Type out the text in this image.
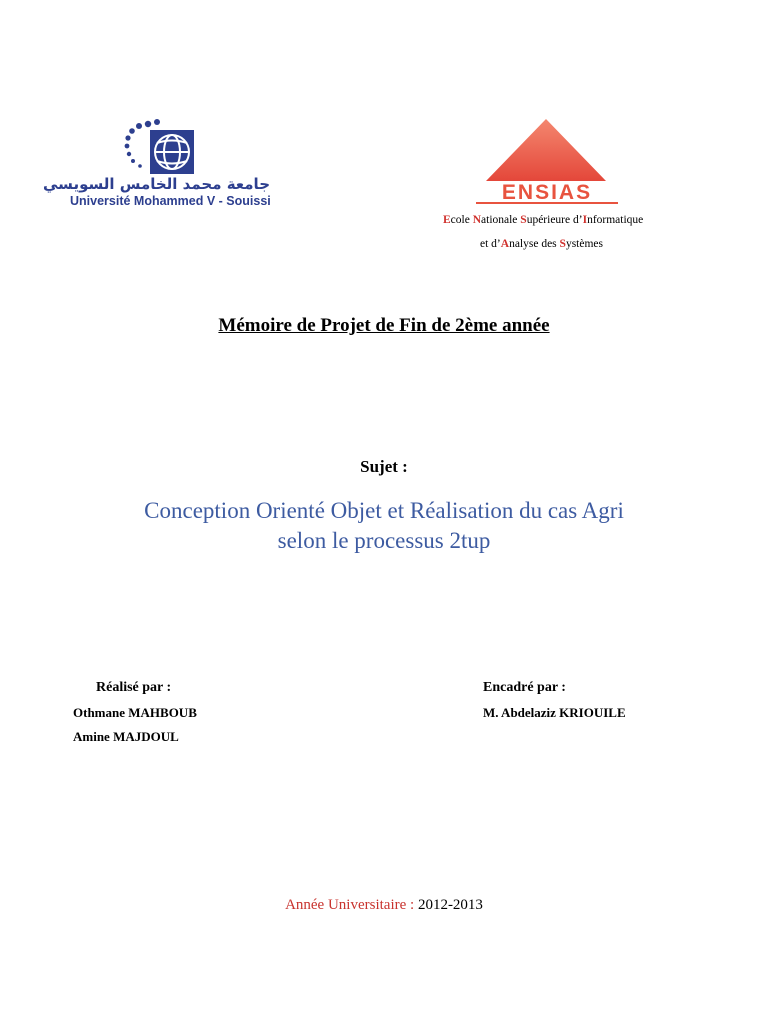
جامعة محمد الخامس السويسي
Université Mohammed V - Souissi	ENSIAS
Ecole Nationale Supérieure d’Informatique
et d’Analyse des Systèmes
Mémoire de Projet de Fin de 2ème année
Sujet :
Conception Orienté Objet et Réalisation du cas Agri
selon le processus 2tup
Réalisé par :	Encadré par :
Othmane MAHBOUB
Amine MAJDOUL
M. Abdelaziz KRIOUILE
Année Universitaire : 2012-2013
